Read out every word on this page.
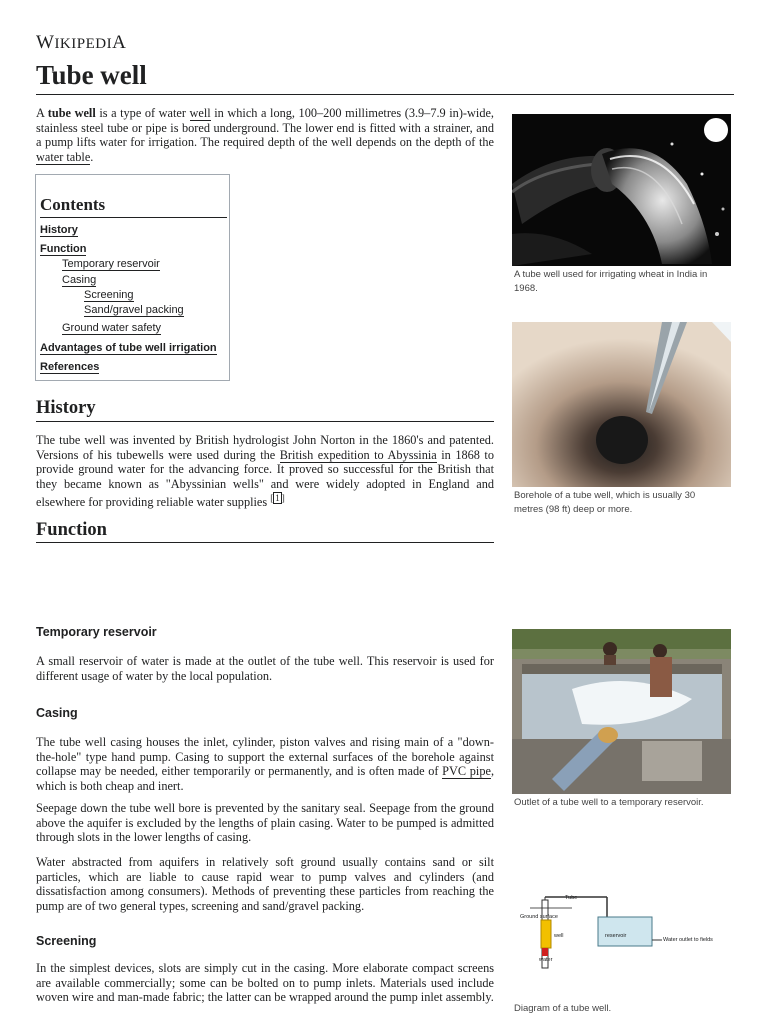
WIKIPEDIA
Tube well
A tube well is a type of water well in which a long, 100–200 millimetres (3.9–7.9 in)-wide, stainless steel tube or pipe is bored underground. The lower end is fitted with a strainer, and a pump lifts water for irrigation. The required depth of the well depends on the depth of the water table.
Contents
History
Function
Temporary reservoir
Casing
Screening
Sand/gravel packing
Ground water safety
Advantages of tube well irrigation
References
History
The tube well was invented by British hydrologist John Norton in the 1860's and patented. Versions of his tubewells were used during the British expedition to Abyssinia in 1868 to provide ground water for the advancing force. It proved so successful for the British that they became known as "Abyssinian wells" and were widely adopted in England and elsewhere for providing reliable water supplies [ 1 ]
Function
Temporary reservoir
A small reservoir of water is made at the outlet of the tube well. This reservoir is used for different usage of water by the local population.
Casing
The tube well casing houses the inlet, cylinder, piston valves and rising main of a "down-the-hole" type hand pump. Casing to support the external surfaces of the borehole against collapse may be needed, either temporarily or permanently, and is often made of PVC pipe, which is both cheap and inert.
Seepage down the tube well bore is prevented by the sanitary seal. Seepage from the ground above the aquifer is excluded by the lengths of plain casing. Water to be pumped is admitted through slots in the lower lengths of casing.
Water abstracted from aquifers in relatively soft ground usually contains sand or silt particles, which are liable to cause rapid wear to pump valves and cylinders (and dissatisfaction among consumers). Methods of preventing these particles from reaching the pump are of two general types, screening and sand/gravel packing.
Screening
In the simplest devices, slots are simply cut in the casing. More elaborate compact screens are available commercially; some can be bolted on to pump inlets. Materials used include woven wire and man-made fabric; the latter can be wrapped around the pump inlet assembly.
A tube well used for irrigating wheat in India in 1968.
Borehole of a tube well, which is usually 30 metres (98 ft) deep or more.
Outlet of a tube well to a temporary reservoir.
Tube
Ground surface
well	reservoir
Water outlet to fields
water
Diagram of a tube well.
